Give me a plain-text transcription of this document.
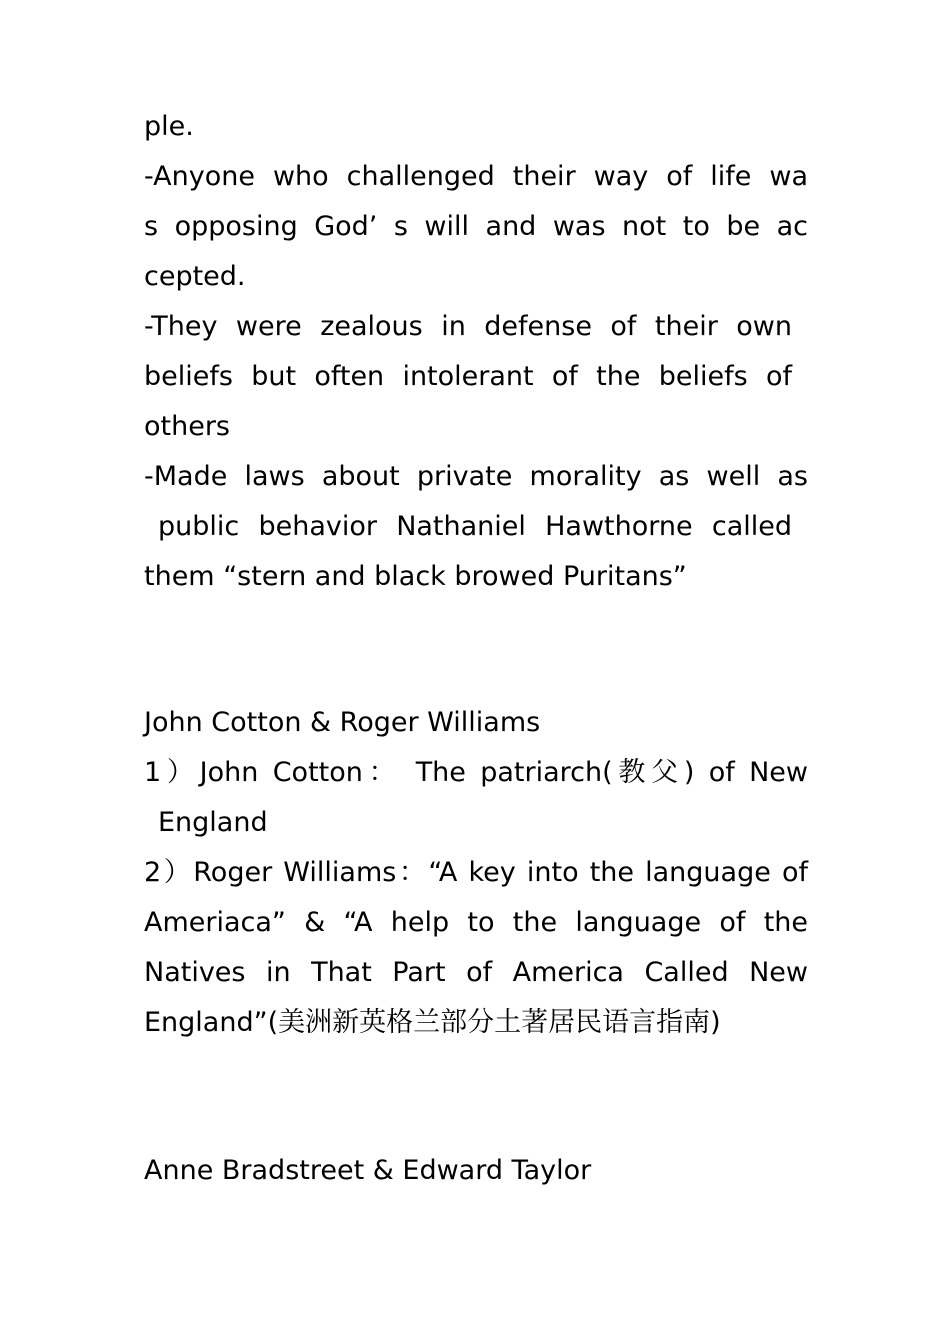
ple.
-Anyone who challenged their way of life wa
s opposing God’ s will and was not to be ac
cepted.
-They were zealous in defense of their own
beliefs but often intolerant of the beliefs of
others
-Made laws about private morality as well as
public behavior Nathaniel Hawthorne called
them “stern and black browed Puritans”
John Cotton & Roger Williams
1）John Cotton： The patriarch(教父) of New
England
2）Roger Williams：“A key into the language of
Ameriaca” & “A help to the language of the
Natives in That Part of America Called New
England”(美洲新英格兰部分土著居民语言指南)
Anne Bradstreet & Edward Taylor
